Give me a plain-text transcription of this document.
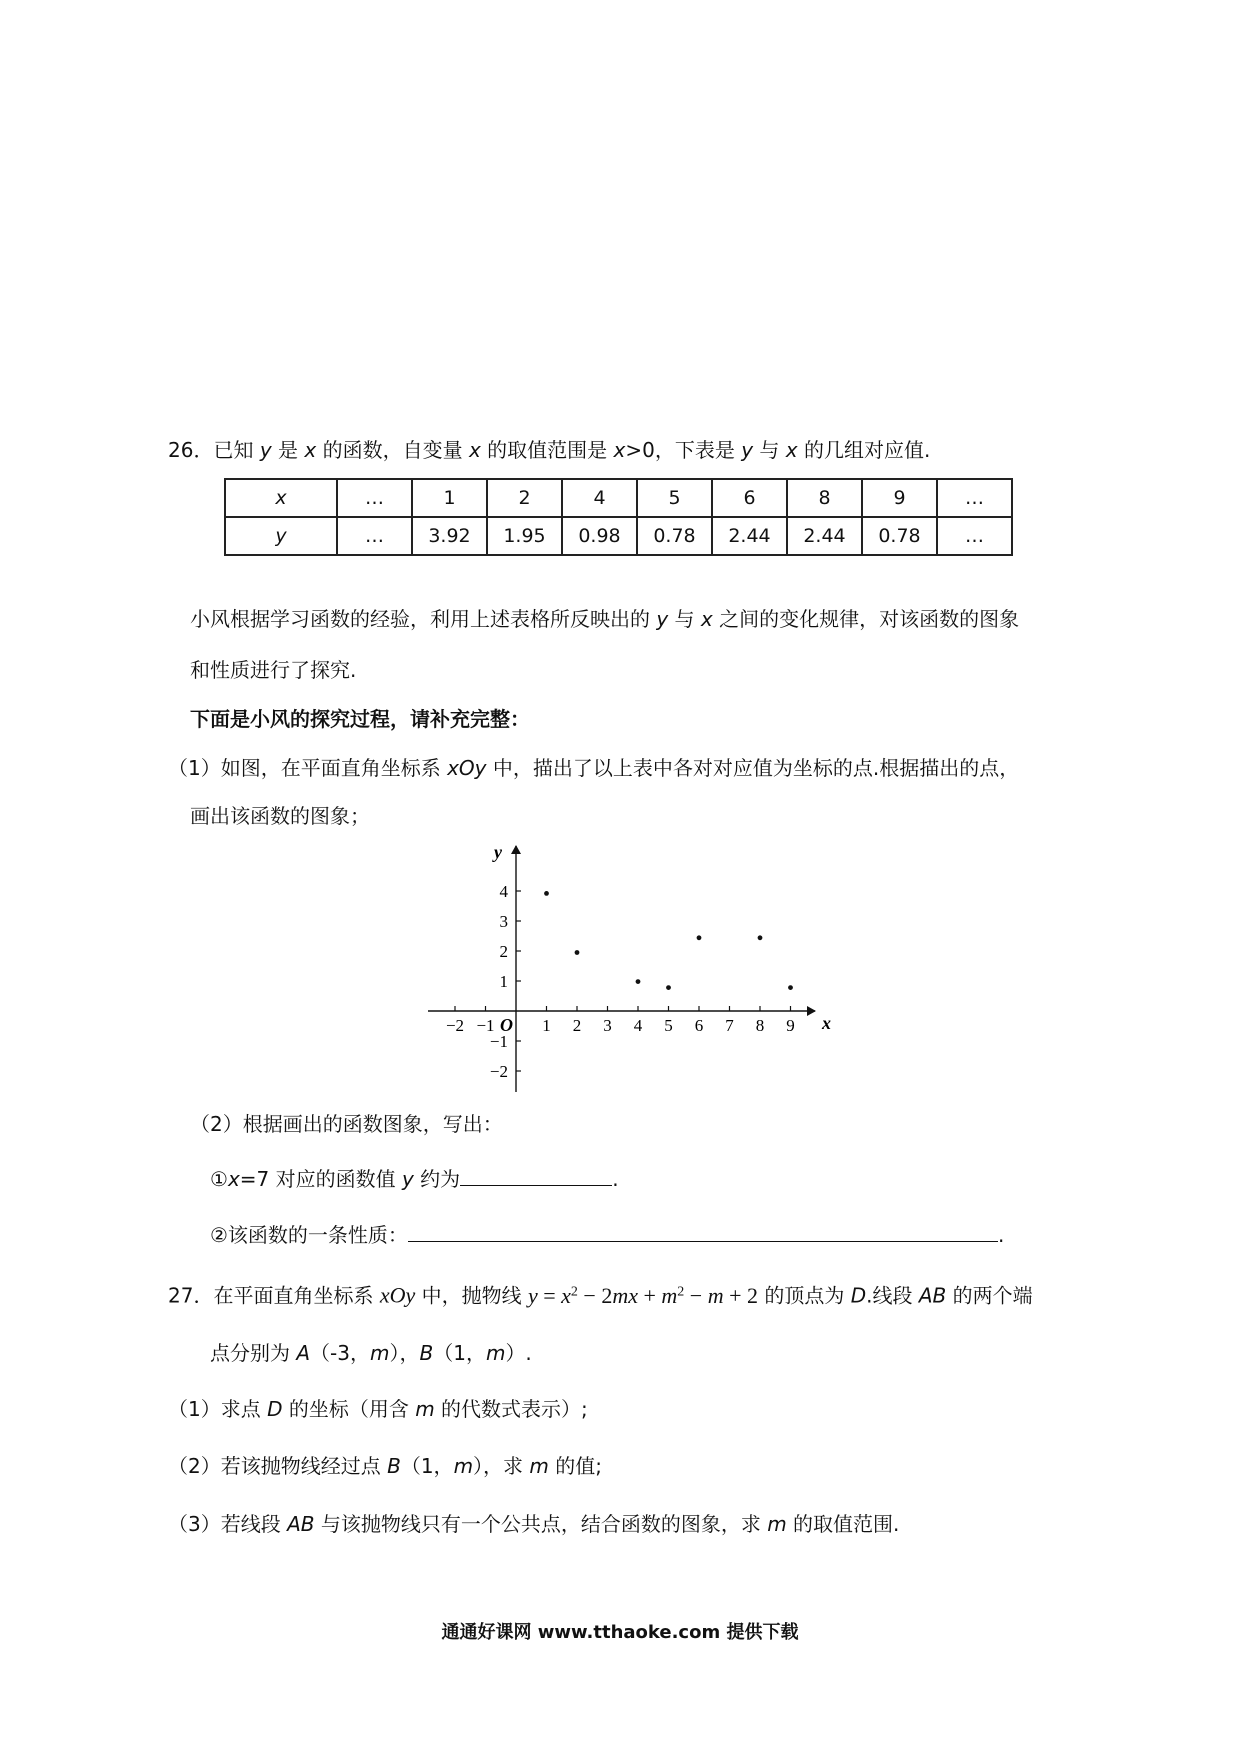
26．已知 y 是 x 的函数，自变量 x 的取值范围是 x>0，下表是 y 与 x 的几组对应值.
x	…	1	2	4	5	6	8	9	…
y	…	3.92	1.95	0.98	0.78	2.44	2.44	0.78	…
小风根据学习函数的经验，利用上述表格所反映出的 y 与 x 之间的变化规律，对该函数的图象
和性质进行了探究.
下面是小风的探究过程，请补充完整：
（1）如图，在平面直角坐标系 xOy 中，描出了以上表中各对对应值为坐标的点.根据描出的点，
画出该函数的图象；
x
y
O
−2 −1	1 2 3 4 5 6 7 8 9
−2
−1
1
2
3
4
（2）根据画出的函数图象，写出：
①x=7 对应的函数值 y 约为	.
②该函数的一条性质：	.
27．在平面直角坐标系 xOy 中，抛物线 $y = x^2 - 2mx + m^2 - m + 2$ 的顶点为 D.线段 AB 的两个端
点分别为 A（-3，m），B（1，m）.
（1）求点 D 的坐标（用含 m 的代数式表示）;
（2）若该抛物线经过点 B（1，m），求 m 的值;
（3）若线段 AB 与该抛物线只有一个公共点，结合函数的图象，求 m 的取值范围.
通通好课网 www.tthaoke.com 提供下载
